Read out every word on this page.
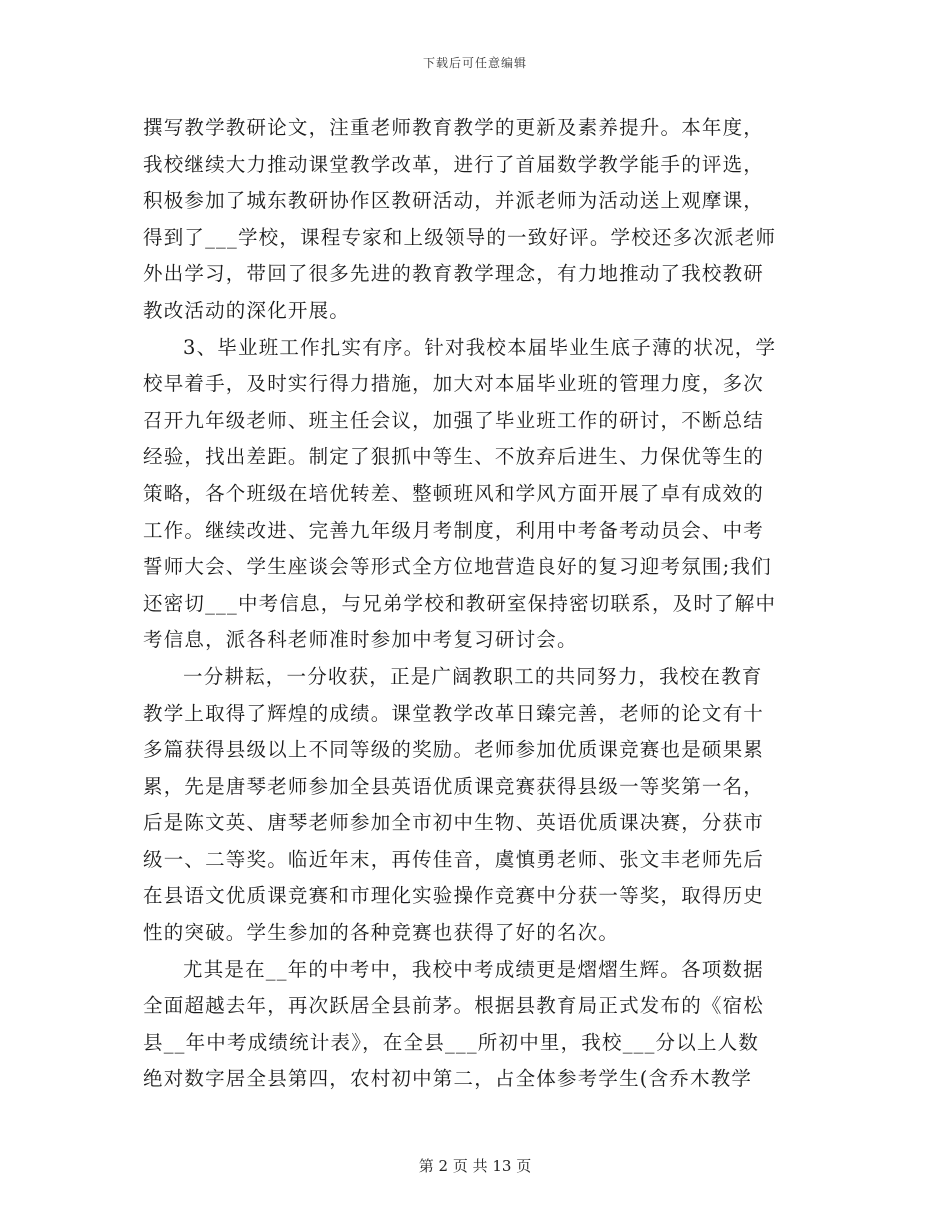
下载后可任意编辑
撰写教学教研论文，注重老师教育教学的更新及素养提升。本年度，
我校继续大力推动课堂教学改革，进行了首届数学教学能手的评选，
积极参加了城东教研协作区教研活动，并派老师为活动送上观摩课，
得到了___学校，课程专家和上级领导的一致好评。学校还多次派老师
外出学习，带回了很多先进的教育教学理念，有力地推动了我校教研
教改活动的深化开展。
3、毕业班工作扎实有序。针对我校本届毕业生底子薄的状况，学
校早着手，及时实行得力措施，加大对本届毕业班的管理力度，多次
召开九年级老师、班主任会议，加强了毕业班工作的研讨，不断总结
经验，找出差距。制定了狠抓中等生、不放弃后进生、力保优等生的
策略，各个班级在培优转差、整顿班风和学风方面开展了卓有成效的
工作。继续改进、完善九年级月考制度，利用中考备考动员会、中考
誓师大会、学生座谈会等形式全方位地营造良好的复习迎考氛围;我们
还密切___中考信息，与兄弟学校和教研室保持密切联系，及时了解中
考信息，派各科老师准时参加中考复习研讨会。
一分耕耘，一分收获，正是广阔教职工的共同努力，我校在教育
教学上取得了辉煌的成绩。课堂教学改革日臻完善，老师的论文有十
多篇获得县级以上不同等级的奖励。老师参加优质课竞赛也是硕果累
累，先是唐琴老师参加全县英语优质课竞赛获得县级一等奖第一名，
后是陈文英、唐琴老师参加全市初中生物、英语优质课决赛，分获市
级一、二等奖。临近年末，再传佳音，虞慎勇老师、张文丰老师先后
在县语文优质课竞赛和市理化实验操作竞赛中分获一等奖，取得历史
性的突破。学生参加的各种竞赛也获得了好的名次。
尤其是在__年的中考中，我校中考成绩更是熠熠生辉。各项数据
全面超越去年，再次跃居全县前茅。根据县教育局正式发布的《宿松
县__年中考成绩统计表》，在全县___所初中里，我校___分以上人数
绝对数字居全县第四，农村初中第二，占全体参考学生(含乔木教学
第 2 页 共 13 页
